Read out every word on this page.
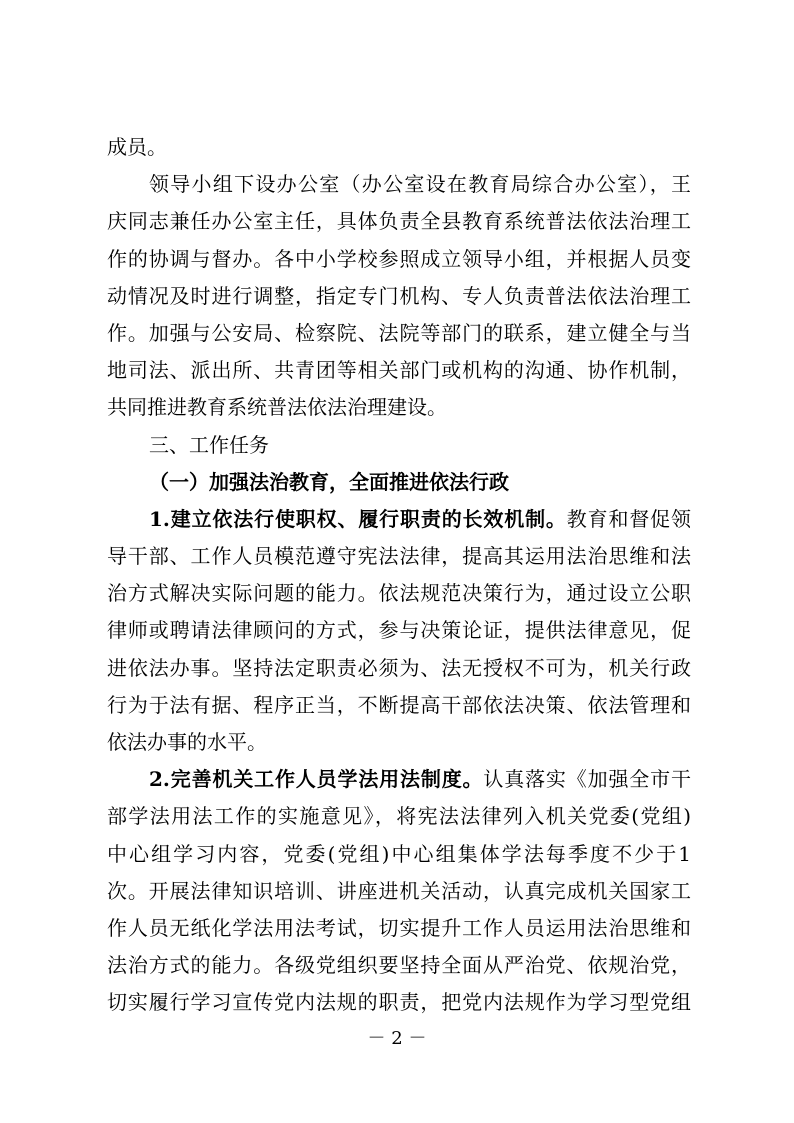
成员。
领导小组下设办公室（办公室设在教育局综合办公室），王
庆同志兼任办公室主任，具体负责全县教育系统普法依法治理工
作的协调与督办。各中小学校参照成立领导小组，并根据人员变
动情况及时进行调整，指定专门机构、专人负责普法依法治理工
作。加强与公安局、检察院、法院等部门的联系，建立健全与当
地司法、派出所、共青团等相关部门或机构的沟通、协作机制，
共同推进教育系统普法依法治理建设。
三、工作任务
（一）加强法治教育，全面推进依法行政
1.建立依法行使职权、履行职责的长效机制。教育和督促领
导干部、工作人员模范遵守宪法法律，提高其运用法治思维和法
治方式解决实际问题的能力。依法规范决策行为，通过设立公职
律师或聘请法律顾问的方式，参与决策论证，提供法律意见，促
进依法办事。坚持法定职责必须为、法无授权不可为，机关行政
行为于法有据、程序正当，不断提高干部依法决策、依法管理和
依法办事的水平。
2.完善机关工作人员学法用法制度。认真落实《加强全市干
部学法用法工作的实施意见》，将宪法法律列入机关党委(党组)
中心组学习内容，党委(党组)中心组集体学法每季度不少于1
次。开展法律知识培训、讲座进机关活动，认真完成机关国家工
作人员无纸化学法用法考试，切实提升工作人员运用法治思维和
法治方式的能力。各级党组织要坚持全面从严治党、依规治党，
切实履行学习宣传党内法规的职责，把党内法规作为学习型党组
－ 2 －
